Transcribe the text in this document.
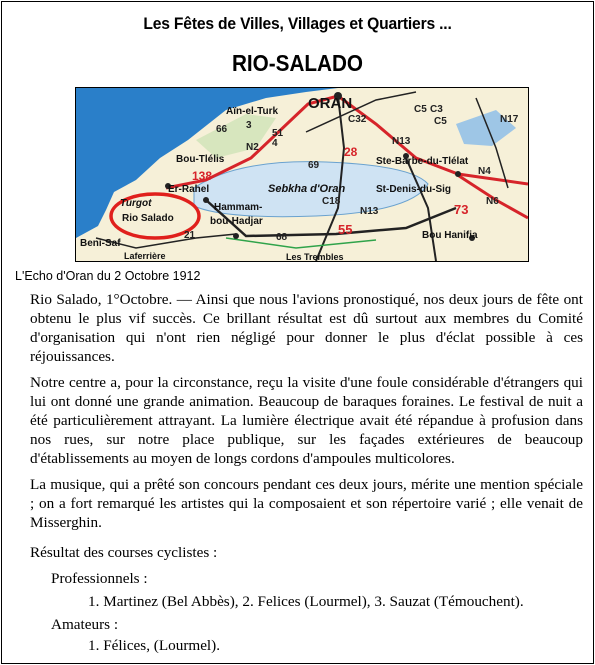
Les Fêtes de Villes, Villages et Quartiers ...
RIO-SALADO
Aïn-el-Turk ORAN
Bou-Tlélis
Er-Rahel	Sebkha d'Oran
Hammam-
bou-Hadjar
Turgot
Rio Salado
Beni-Saf
Laferrière
Ste-Barbe-du-Tlélat
St-Denis-du-Sig
Bou Hanifia
Les Trembles
66 3
4
N2
51
138
69
28
C18
55
N13	73
N4
C5
N13
C32	N17
68
21
C5
C3
N6
L'Echo d'Oran du 2 Octobre 1912

Rio Salado, 1°Octobre. — Ainsi que nous l'avions pronostiqué, nos deux jours de fête ont obtenu le plus vif succès. Ce brillant résultat est dû surtout aux membres du Comité d'organisation qui n'ont rien négligé pour donner le plus d'éclat possible à ces réjouissances.

Notre centre a, pour la circonstance, reçu la visite d'une foule considérable d'étrangers qui lui ont donné une grande animation. Beaucoup de baraques foraines. Le festival de nuit a été particulièrement attrayant. La lumière électrique avait été répandue à profusion dans nos rues, sur notre place publique, sur les façades extérieures de beaucoup d'établissements au moyen de longs cordons d'ampoules multicolores.

La musique, qui a prêté son concours pendant ces deux jours, mérite une mention spéciale ; on a fort remarqué les artistes qui la composaient et son répertoire varié ; elle venait de Misserghin.

Résultat des courses cyclistes :
Professionnels :
1. Martinez (Bel Abbès), 2. Felices (Lourmel), 3. Sauzat (Témouchent).
Amateurs :
1. Félices, (Lourmel).
